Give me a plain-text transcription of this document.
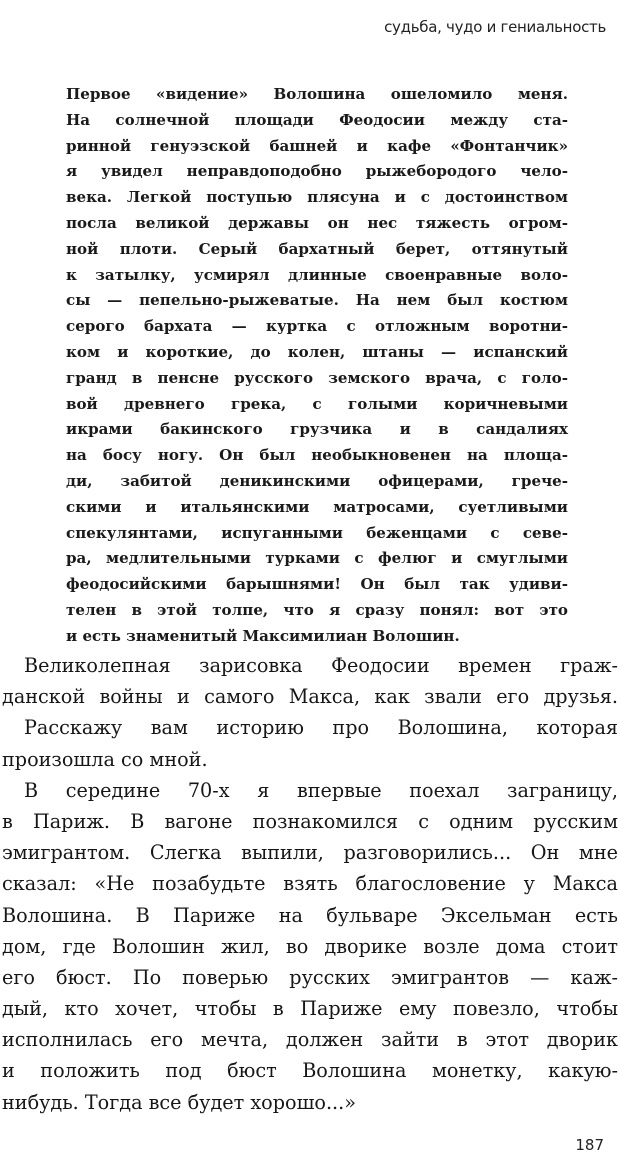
судьба, чудо и гениальность
Первое «видение» Волошина ошеломило меня.
На солнечной площади Феодосии между ста-
ринной генуэзской башней и кафе «Фонтанчик»
я увидел неправдоподобно рыжебородого чело-
века. Легкой поступью плясуна и с достоинством
посла великой державы он нес тяжесть огром-
ной плоти. Серый бархатный берет, оттянутый
к затылку, усмирял длинные своенравные воло-
сы — пепельно-рыжеватые. На нем был костюм
серого бархата — куртка с отложным воротни-
ком и короткие, до колен, штаны — испанский
гранд в пенсне русского земского врача, с голо-
вой древнего грека, с голыми коричневыми
икрами бакинского грузчика и в сандалиях
на босу ногу. Он был необыкновенен на площа-
ди, забитой деникинскими офицерами, грече-
скими и итальянскими матросами, суетливыми
спекулянтами, испуганными беженцами с севе-
ра, медлительными турками с фелюг и смуглыми
феодосийскими барышнями! Он был так удиви-
телен в этой толпе, что я сразу понял: вот это
и есть знаменитый Максимилиан Волошин.
Великолепная зарисовка Феодосии времен граж-
данской войны и самого Макса, как звали его друзья.
Расскажу вам историю про Волошина, которая
произошла со мной.
В середине 70-х я впервые поехал заграницу,
в Париж. В вагоне познакомился с одним русским
эмигрантом. Слегка выпили, разговорились... Он мне
сказал: «Не позабудьте взять благословение у Макса
Волошина. В Париже на бульваре Эксельман есть
дом, где Волошин жил, во дворике возле дома стоит
его бюст. По поверью русских эмигрантов — каж-
дый, кто хочет, чтобы в Париже ему повезло, чтобы
исполнилась его мечта, должен зайти в этот дворик
и положить под бюст Волошина монетку, какую-
нибудь. Тогда все будет хорошо...»
187
